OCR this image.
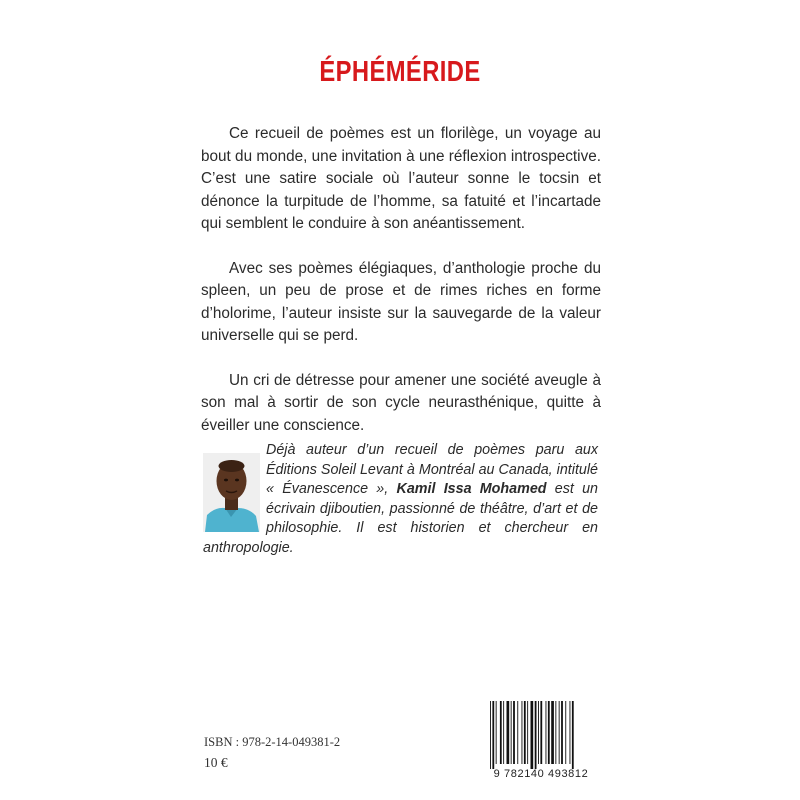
ÉPHÉMÉRIDE

Ce recueil de poèmes est un florilège, un voyage au bout du monde, une invitation à une réflexion introspective. C’est une satire sociale où l’auteur sonne le tocsin et dénonce la turpitude de l’homme, sa fatuité et l’incartade qui semblent le conduire à son anéantissement.

Avec ses poèmes élégiaques, d’anthologie proche du spleen, un peu de prose et de rimes riches en forme d’holorime, l’auteur insiste sur la sauvegarde de la valeur universelle qui se perd.

Un cri de détresse pour amener une société aveugle à son mal à sortir de son cycle neurasthénique, quitte à éveiller une conscience.

Déjà auteur d’un recueil de poèmes paru aux Éditions Soleil Levant à Montréal au Canada, intitulé « Évanescence », Kamil Issa Mohamed est un écrivain djiboutien, passionné de théâtre, d’art et de philosophie. Il est historien et chercheur en anthropologie.
ISBN : 978-2-14-049381-2
10 €
9 782140 493812
